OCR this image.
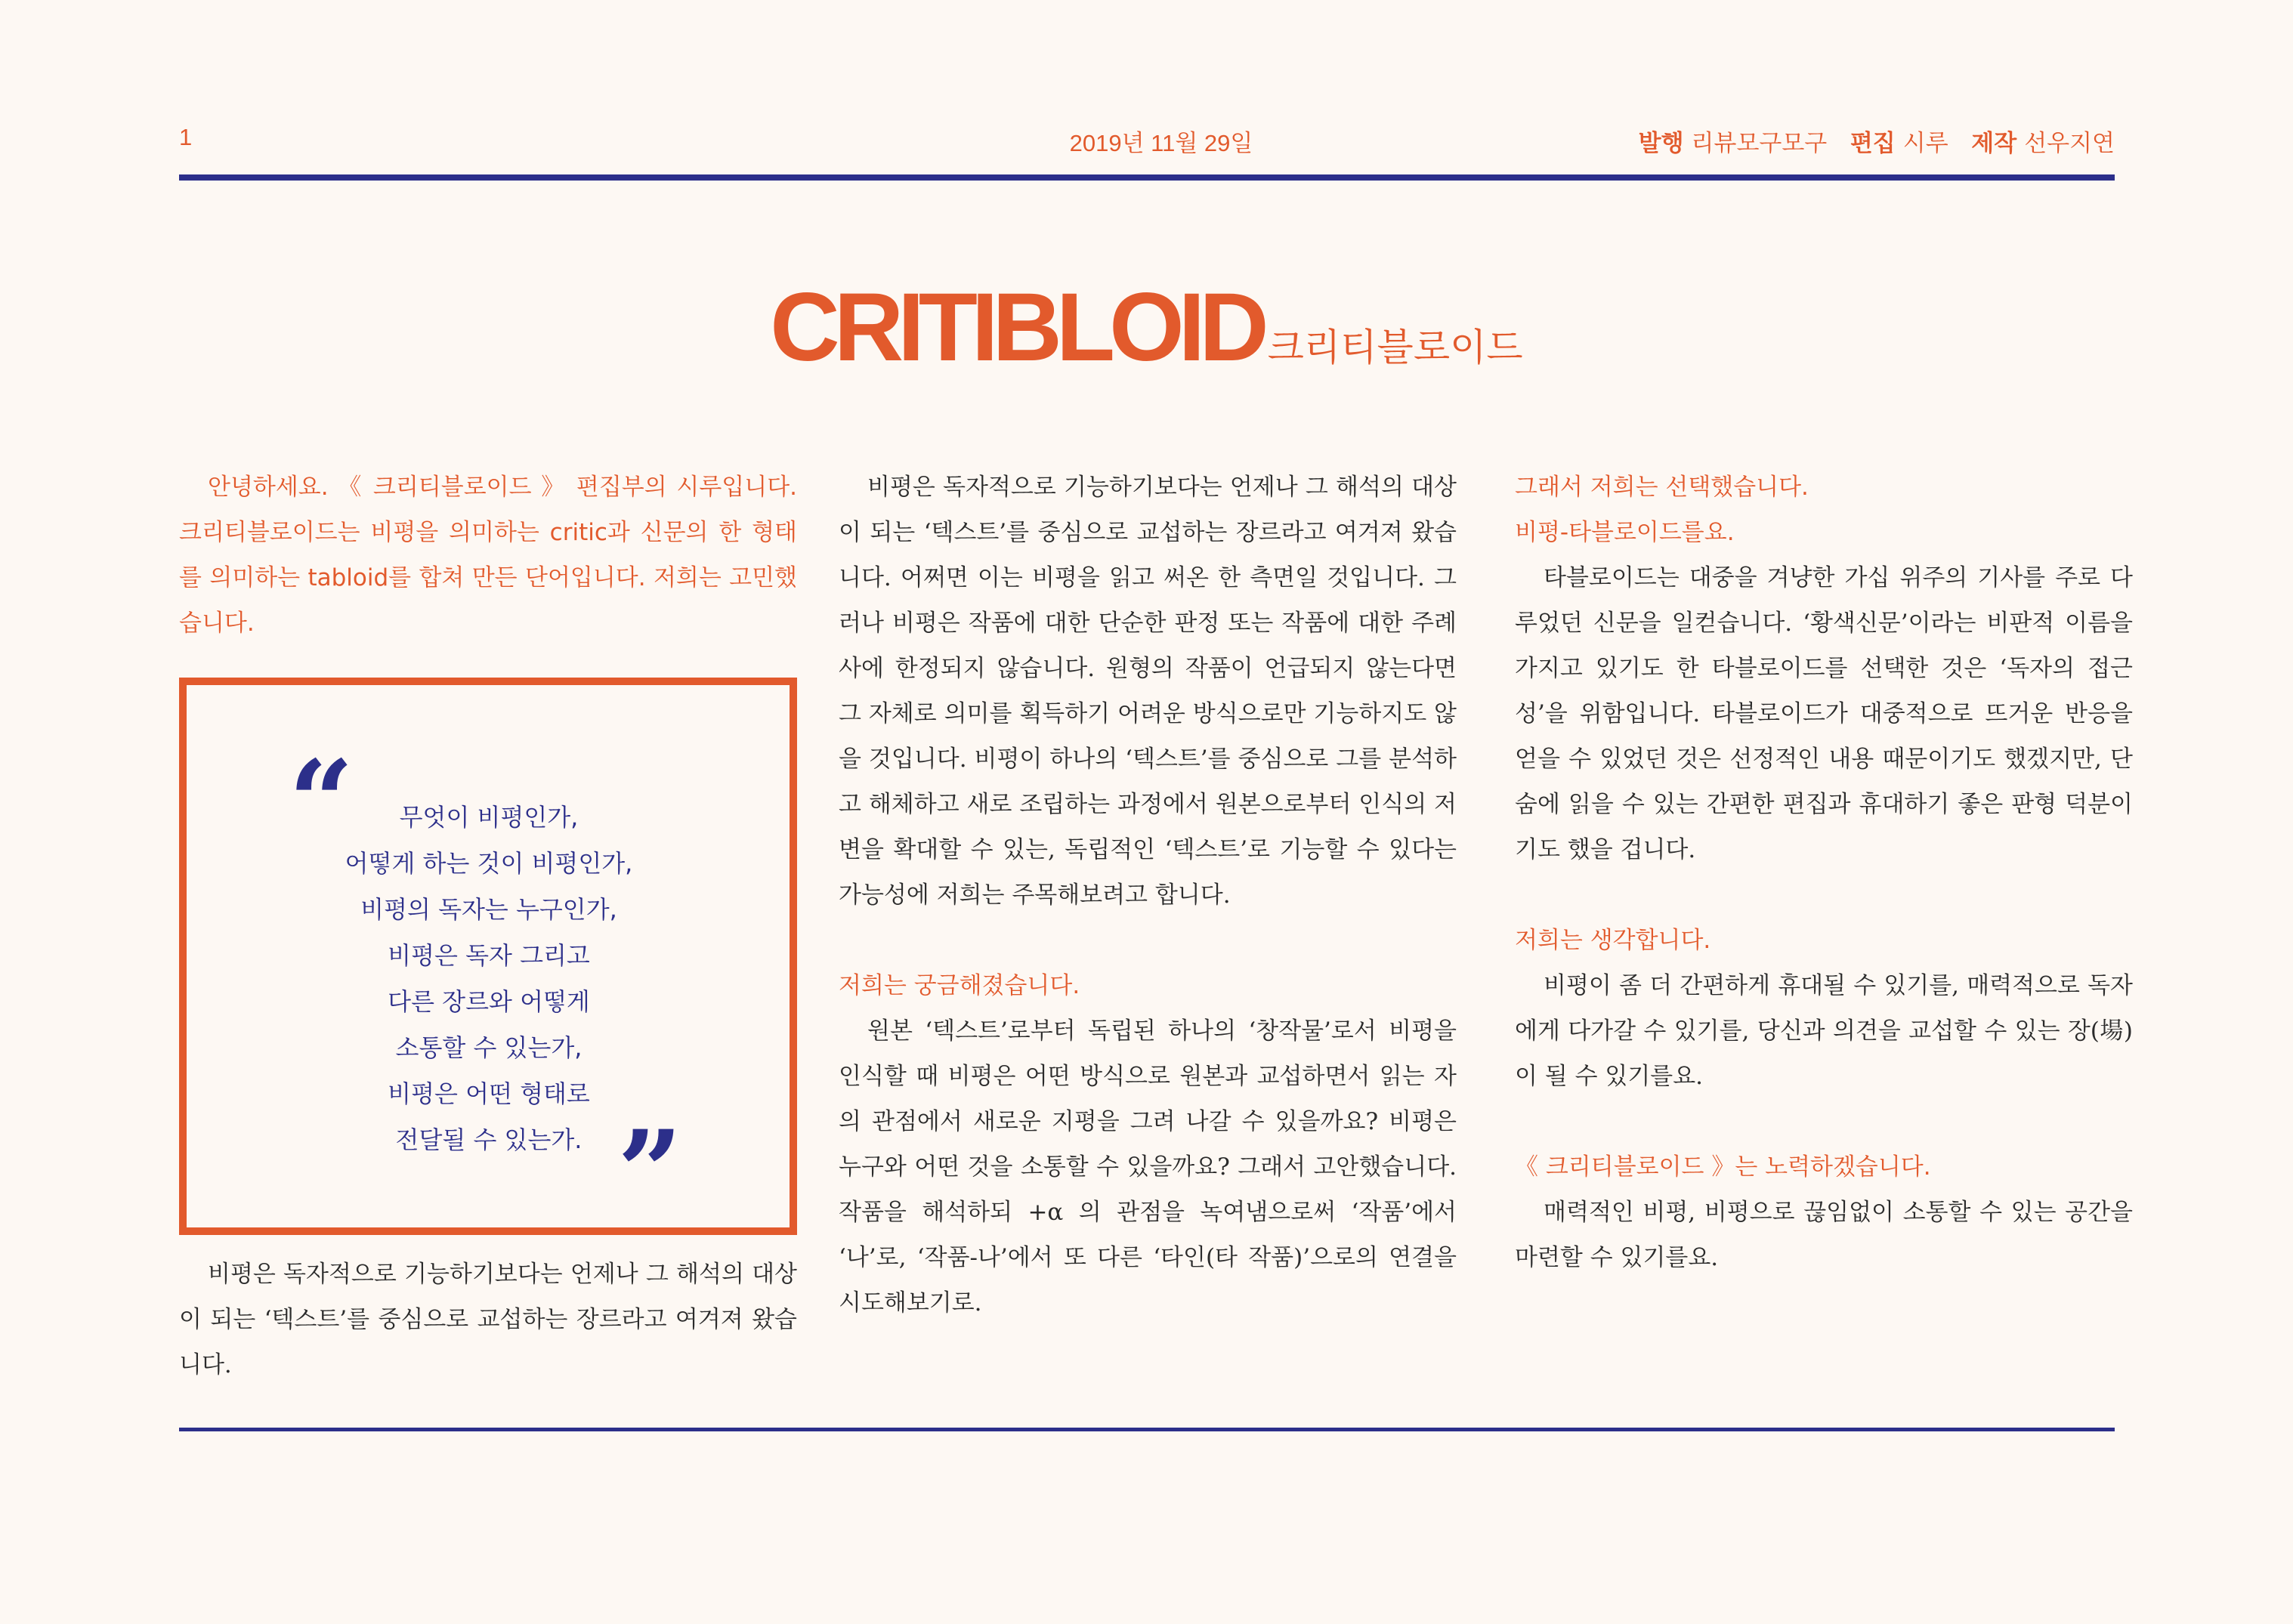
1	2019년 11월 29일	발행 리뷰모구모구 편집 시루 제작 선우지연
CRITIBLOID 크리티블로이드

안녕하세요. 《 크리티블로이드 》 편집부의 시루입니다. 크리티블로이드는 비평을 의미하는 critic과 신문의 한 형태를 의미하는 tabloid를 합쳐 만든 단어입니다. 저희는 고민했습니다.

“	무엇이 비평인가,
어떻게 하는 것이 비평인가,
비평의 독자는 누구인가,
비평은 독자 그리고
다른 장르와 어떻게
소통할 수 있는가,
비평은 어떤 형태로
전달될 수 있는가. ”

비평은 독자적으로 기능하기보다는 언제나 그 해석의 대상이 되는 ‘텍스트’를 중심으로 교섭하는 장르라고 여겨져 왔습니다.

비평은 독자적으로 기능하기보다는 언제나 그 해석의 대상이 되는 ‘텍스트’를 중심으로 교섭하는 장르라고 여겨져 왔습니다. 어쩌면 이는 비평을 읽고 써온 한 측면일 것입니다. 그러나 비평은 작품에 대한 단순한 판정 또는 작품에 대한 주례사에 한정되지 않습니다. 원형의 작품이 언급되지 않는다면 그 자체로 의미를 획득하기 어려운 방식으로만 기능하지도 않을 것입니다. 비평이 하나의 ‘텍스트’를 중심으로 그를 분석하고 해체하고 새로 조립하는 과정에서 원본으로부터 인식의 저변을 확대할 수 있는, 독립적인 ‘텍스트’로 기능할 수 있다는 가능성에 저희는 주목해보려고 합니다.

저희는 궁금해졌습니다.

원본 ‘텍스트’로부터 독립된 하나의 ‘창작물’로서 비평을 인식할 때 비평은 어떤 방식으로 원본과 교섭하면서 읽는 자의 관점에서 새로운 지평을 그려 나갈 수 있을까요? 비평은 누구와 어떤 것을 소통할 수 있을까요? 그래서 고안했습니다. 작품을 해석하되 +α 의 관점을 녹여냄으로써 ‘작품’에서 ‘나’로, ‘작품-나’에서 또 다른 ‘타인(타 작품)’으로의 연결을 시도해보기로.

그래서 저희는 선택했습니다.

비평-타블로이드를요.

타블로이드는 대중을 겨냥한 가십 위주의 기사를 주로 다루었던 신문을 일컫습니다. ‘황색신문’이라는 비판적 이름을 가지고 있기도 한 타블로이드를 선택한 것은 ‘독자의 접근성’을 위함입니다. 타블로이드가 대중적으로 뜨거운 반응을 얻을 수 있었던 것은 선정적인 내용 때문이기도 했겠지만, 단숨에 읽을 수 있는 간편한 편집과 휴대하기 좋은 판형 덕분이기도 했을 겁니다.

저희는 생각합니다.

비평이 좀 더 간편하게 휴대될 수 있기를, 매력적으로 독자에게 다가갈 수 있기를, 당신과 의견을 교섭할 수 있는 장(場)이 될 수 있기를요.

《 크리티블로이드 》는 노력하겠습니다.

매력적인 비평, 비평으로 끊임없이 소통할 수 있는 공간을 마련할 수 있기를요.
